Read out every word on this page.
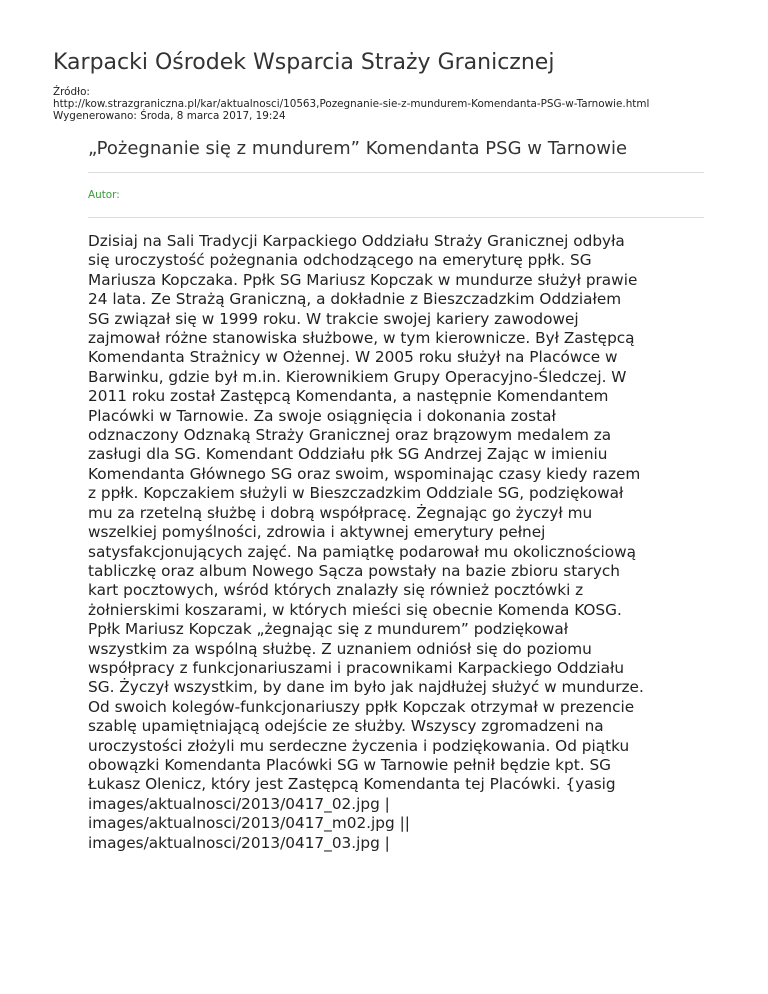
Karpacki Ośrodek Wsparcia Straży Granicznej
Źródło:
http://kow.strazgraniczna.pl/kar/aktualnosci/10563,Pozegnanie-sie-z-mundurem-Komendanta-PSG-w-Tarnowie.html
Wygenerowano: Środa, 8 marca 2017, 19:24
„Pożegnanie się z mundurem” Komendanta PSG w Tarnowie
Autor:
Dzisiaj na Sali Tradycji Karpackiego Oddziału Straży Granicznej odbyła
się uroczystość pożegnania odchodzącego na emeryturę ppłk. SG
Mariusza Kopczaka. Ppłk SG Mariusz Kopczak w mundurze służył prawie
24 lata. Ze Strażą Graniczną, a dokładnie z Bieszczadzkim Oddziałem
SG związał się w 1999 roku. W trakcie swojej kariery zawodowej
zajmował różne stanowiska służbowe, w tym kierownicze. Był Zastępcą
Komendanta Strażnicy w Ożennej. W 2005 roku służył na Placówce w
Barwinku, gdzie był m.in. Kierownikiem Grupy Operacyjno-Śledczej. W
2011 roku został Zastępcą Komendanta, a następnie Komendantem
Placówki w Tarnowie. Za swoje osiągnięcia i dokonania został
odznaczony Odznaką Straży Granicznej oraz brązowym medalem za
zasługi dla SG. Komendant Oddziału płk SG Andrzej Zając w imieniu
Komendanta Głównego SG oraz swoim, wspominając czasy kiedy razem
z ppłk. Kopczakiem służyli w Bieszczadzkim Oddziale SG, podziękował
mu za rzetelną służbę i dobrą współpracę. Żegnając go życzył mu
wszelkiej pomyślności, zdrowia i aktywnej emerytury pełnej
satysfakcjonujących zajęć. Na pamiątkę podarował mu okolicznościową
tabliczkę oraz album Nowego Sącza powstały na bazie zbioru starych
kart pocztowych, wśród których znalazły się również pocztówki z
żołnierskimi koszarami, w których mieści się obecnie Komenda KOSG.
Ppłk Mariusz Kopczak „żegnając się z mundurem” podziękował
wszystkim za wspólną służbę. Z uznaniem odniósł się do poziomu
współpracy z funkcjonariuszami i pracownikami Karpackiego Oddziału
SG. Życzył wszystkim, by dane im było jak najdłużej służyć w mundurze.
Od swoich kolegów-funkcjonariuszy ppłk Kopczak otrzymał w prezencie
szablę upamiętniającą odejście ze służby. Wszyscy zgromadzeni na
uroczystości złożyli mu serdeczne życzenia i podziękowania. Od piątku
obowązki Komendanta Placówki SG w Tarnowie pełnił będzie kpt. SG
Łukasz Olenicz, który jest Zastępcą Komendanta tej Placówki. {yasig
images/aktualnosci/2013/0417_02.jpg |
images/aktualnosci/2013/0417_m02.jpg ||
images/aktualnosci/2013/0417_03.jpg |
